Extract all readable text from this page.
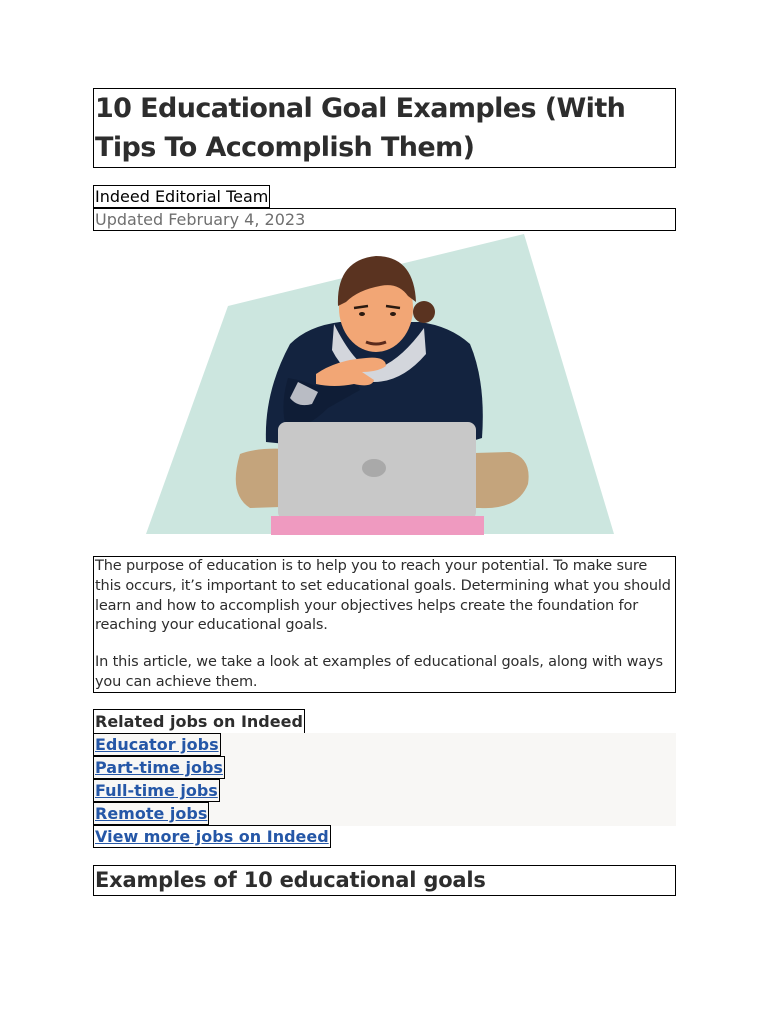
10 Educational Goal Examples (With Tips To Accomplish Them)
Indeed Editorial Team
Updated February 4, 2023

The purpose of education is to help you to reach your potential. To make sure this occurs, it’s important to set educational goals. Determining what you should learn and how to accomplish your objectives helps create the foundation for reaching your educational goals.

In this article, we take a look at examples of educational goals, along with ways you can achieve them.

Related jobs on Indeed
Educator jobs
Part-time jobs
Full-time jobs
Remote jobs
View more jobs on Indeed
Examples of 10 educational goals
